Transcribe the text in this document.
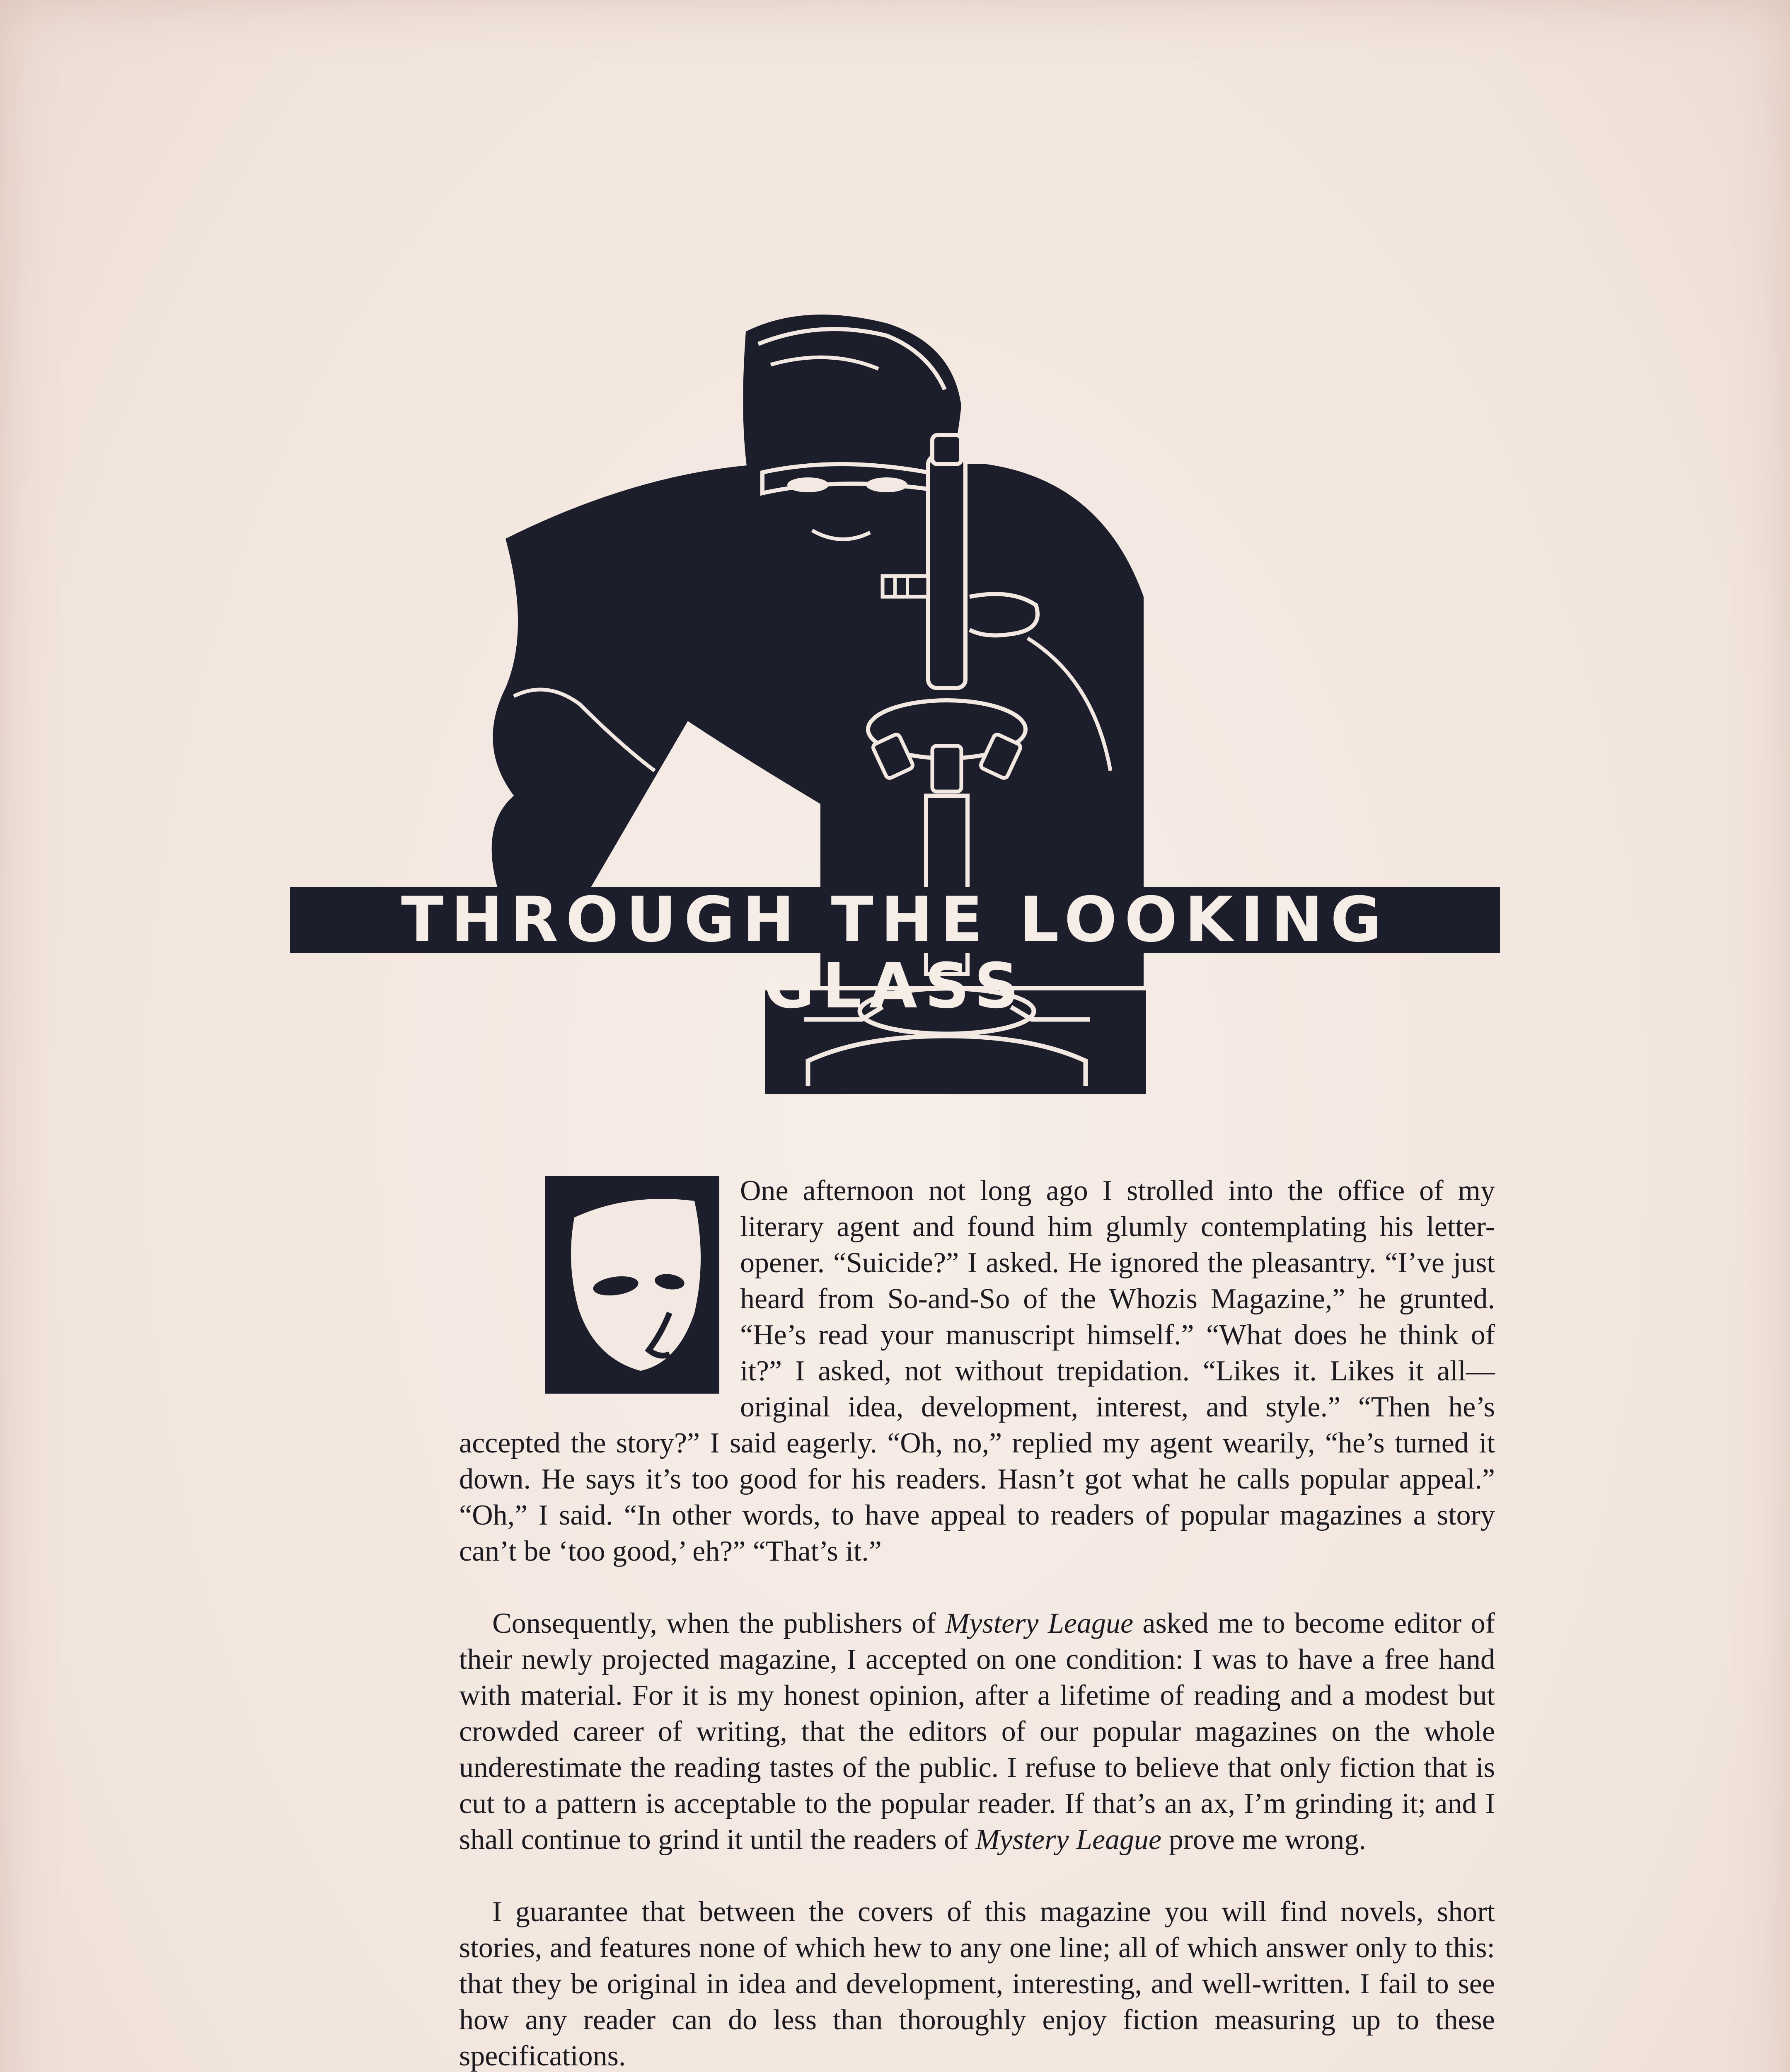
THROUGH THE LOOKING GLASS

One afternoon not long ago I strolled into the office of my literary agent and found him glumly contemplating his letter-opener. “Suicide?” I asked. He ignored the pleasantry. “I’ve just heard from So-and-So of the Whozis Magazine,” he grunted. “He’s read your manuscript himself.” “What does he think of it?” I asked, not without trepidation. “Likes it. Likes it all—original idea, development, interest, and style.” “Then he’s accepted the story?” I said eagerly. “Oh, no,” replied my agent wearily, “he’s turned it down. He says it’s too good for his readers. Hasn’t got what he calls popular appeal.” “Oh,” I said. “In other words, to have appeal to readers of popular magazines a story can’t be ‘too good,’ eh?” “That’s it.”

Consequently, when the publishers of Mystery League asked me to become editor of their newly projected magazine, I accepted on one condition: I was to have a free hand with material. For it is my honest opinion, after a lifetime of reading and a modest but crowded career of writing, that the editors of our popular magazines on the whole underestimate the reading tastes of the public. I refuse to believe that only fiction that is cut to a pattern is acceptable to the popular reader. If that’s an ax, I’m grinding it; and I shall continue to grind it until the readers of Mystery League prove me wrong.

I guarantee that between the covers of this magazine you will find novels, short stories, and features none of which hew to any one line; all of which answer only to this: that they be original in idea and development, interesting, and well-written. I fail to see how any reader can do less than thoroughly enjoy fiction measuring up to these specifications.
